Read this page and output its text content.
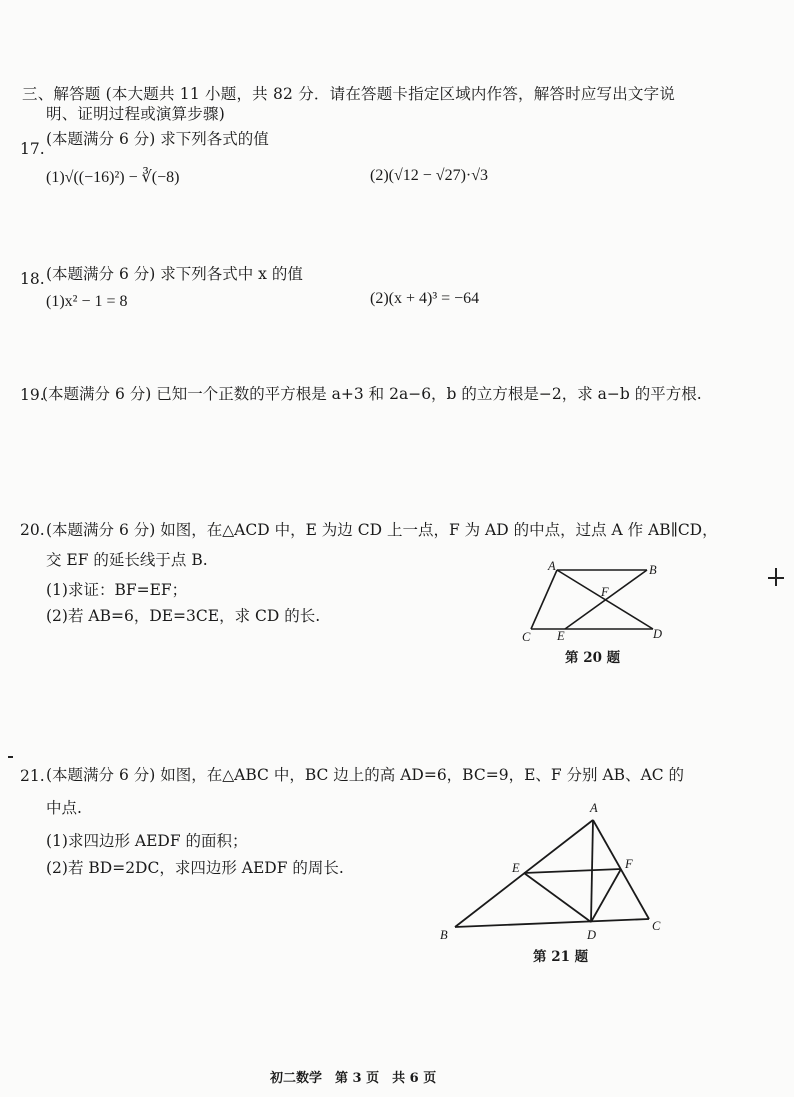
三、解答题 (本大题共 11 小题，共 82 分．请在答题卡指定区域内作答，解答时应写出文字说
明、证明过程或演算步骤)
17.
(本题满分 6 分) 求下列各式的值
(1)√((−16)²) − ∛(−8)	(2)(√12 − √27)·√3
18. (本题满分 6 分) 求下列各式中 x 的值
(1)x² − 1 = 8	(2)(x + 4)³ = −64
19.
(本题满分 6 分) 已知一个正数的平方根是 a+3 和 2a−6，b 的立方根是−2，求 a−b 的平方根.
20. (本题满分 6 分) 如图，在△ACD 中，E 为边 CD 上一点，F 为 AD 的中点，过点 A 作 AB∥CD，
交 EF 的延长线于点 B.
(1)求证：BF=EF；
(2)若 AB=6，DE=3CE，求 CD 的长.
A	B
F
C E	D
第 20 题
21. (本题满分 6 分) 如图，在△ABC 中，BC 边上的高 AD=6，BC=9，E、F 分别 AB、AC 的
中点.
(1)求四边形 AEDF 的面积；
(2)若 BD=2DC，求四边形 AEDF 的周长.
A
E	F
B	D
C
第 21 题
初二数学　第 3 页　共 6 页
